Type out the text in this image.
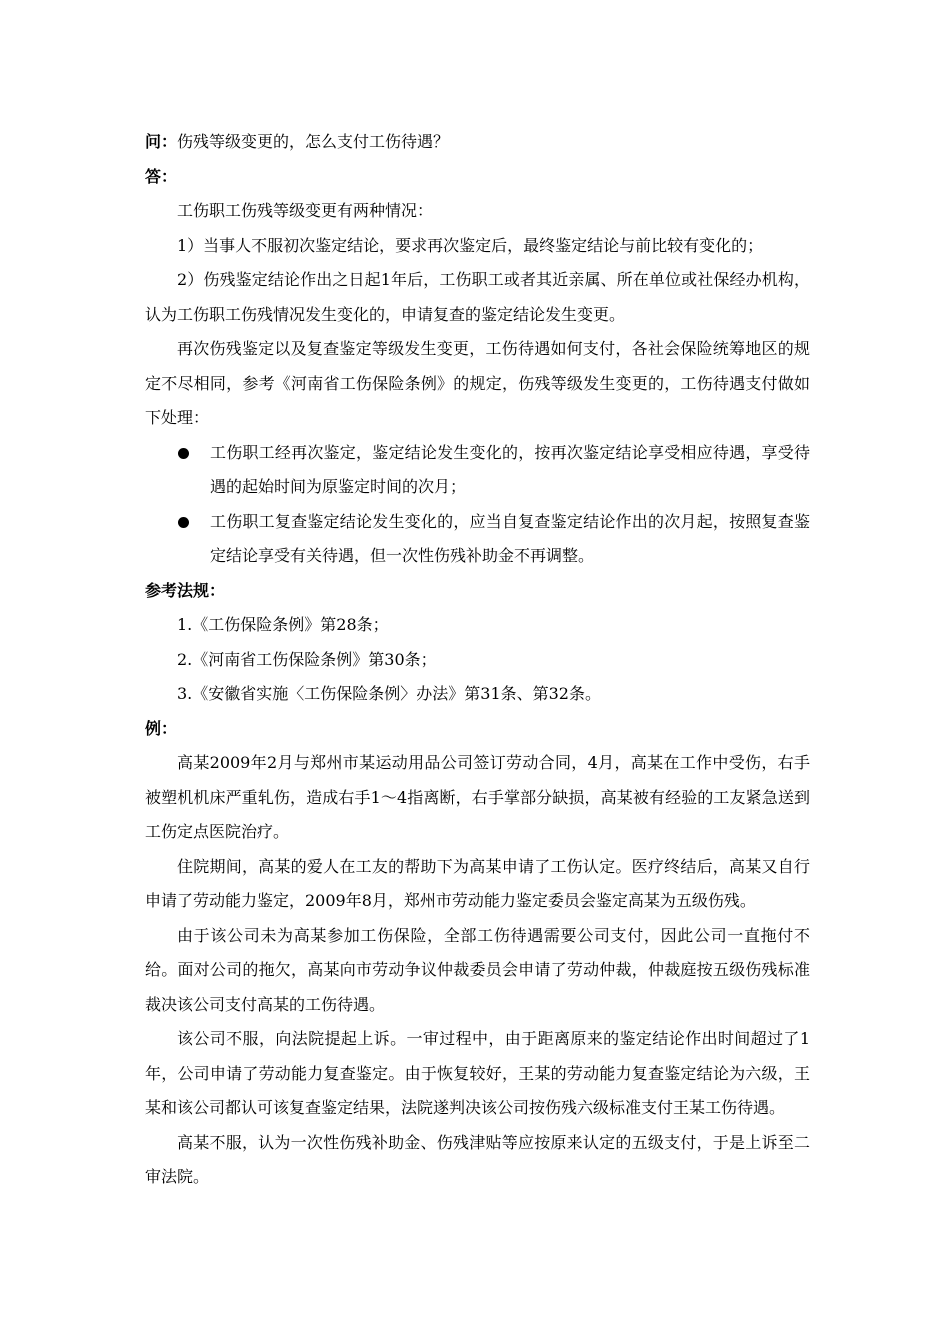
问：伤残等级变更的，怎么支付工伤待遇？

答：

工伤职工伤残等级变更有两种情况：

1）当事人不服初次鉴定结论，要求再次鉴定后，最终鉴定结论与前比较有变化的；

2）伤残鉴定结论作出之日起1年后，工伤职工或者其近亲属、所在单位或社保经办机构，认为工伤职工伤残情况发生变化的，申请复查的鉴定结论发生变更。

再次伤残鉴定以及复查鉴定等级发生变更，工伤待遇如何支付，各社会保险统筹地区的规定不尽相同，参考《河南省工伤保险条例》的规定，伤残等级发生变更的，工伤待遇支付做如下处理：

工伤职工经再次鉴定，鉴定结论发生变化的，按再次鉴定结论享受相应待遇，享受待遇的起始时间为原鉴定时间的次月；

工伤职工复查鉴定结论发生变化的，应当自复查鉴定结论作出的次月起，按照复查鉴定结论享受有关待遇，但一次性伤残补助金不再调整。

参考法规：

1.《工伤保险条例》第28条；

2.《河南省工伤保险条例》第30条；

3.《安徽省实施〈工伤保险条例〉办法》第31条、第32条。

例：

高某2009年2月与郑州市某运动用品公司签订劳动合同，4月，高某在工作中受伤，右手被塑机机床严重轧伤，造成右手1～4指离断，右手掌部分缺损，高某被有经验的工友紧急送到工伤定点医院治疗。

住院期间，高某的爱人在工友的帮助下为高某申请了工伤认定。医疗终结后，高某又自行申请了劳动能力鉴定，2009年8月，郑州市劳动能力鉴定委员会鉴定高某为五级伤残。

由于该公司未为高某参加工伤保险，全部工伤待遇需要公司支付，因此公司一直拖付不给。面对公司的拖欠，高某向市劳动争议仲裁委员会申请了劳动仲裁，仲裁庭按五级伤残标准裁决该公司支付高某的工伤待遇。

该公司不服，向法院提起上诉。一审过程中，由于距离原来的鉴定结论作出时间超过了1年，公司申请了劳动能力复查鉴定。由于恢复较好，王某的劳动能力复查鉴定结论为六级，王某和该公司都认可该复查鉴定结果，法院遂判决该公司按伤残六级标准支付王某工伤待遇。

高某不服，认为一次性伤残补助金、伤残津贴等应按原来认定的五级支付，于是上诉至二审法院。
